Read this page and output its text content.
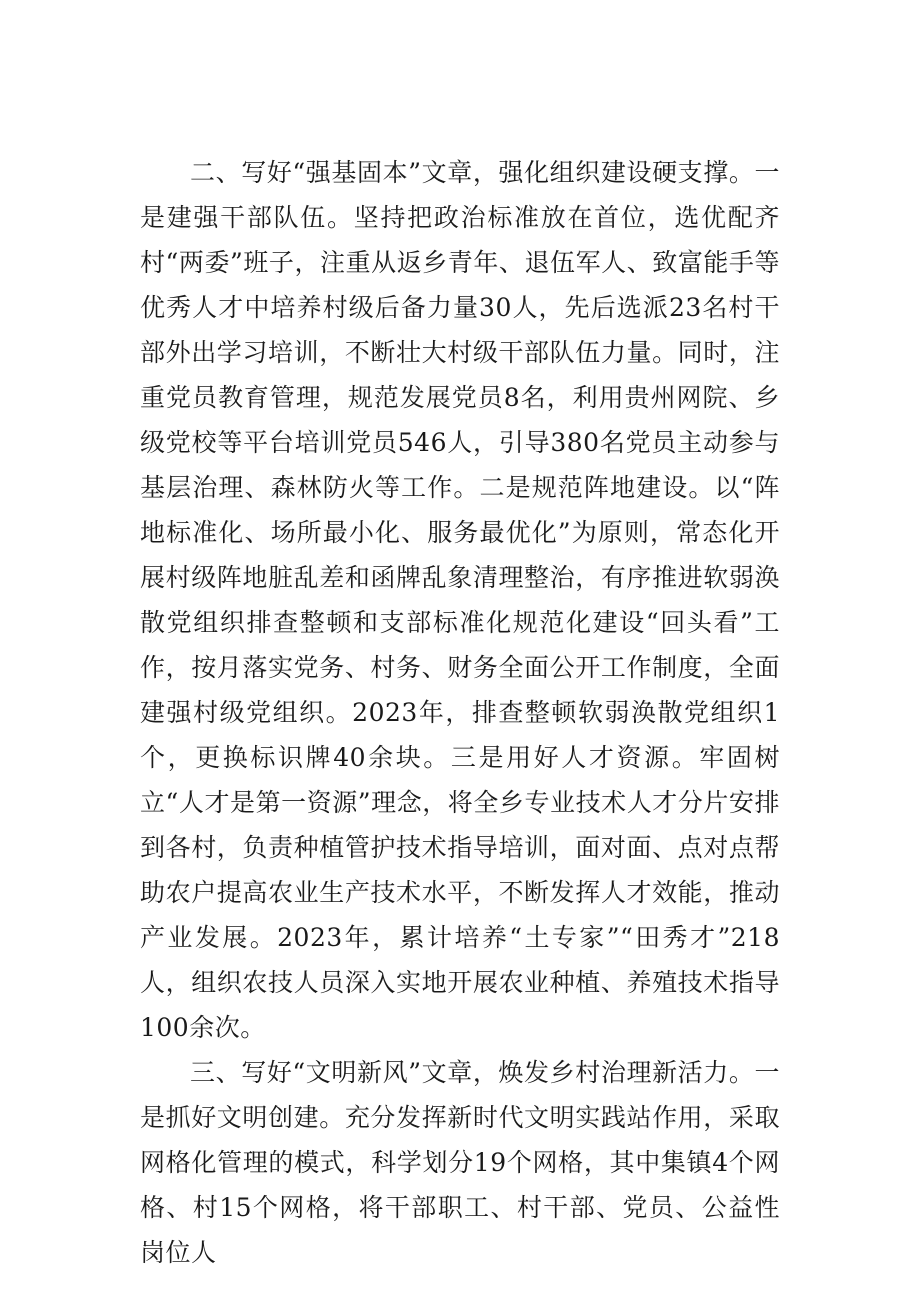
二、写好“强基固本”文章，强化组织建设硬支撑。一是建强干部队伍。坚持把政治标准放在首位，选优配齐村“两委”班子，注重从返乡青年、退伍军人、致富能手等优秀人才中培养村级后备力量30人，先后选派23名村干部外出学习培训，不断壮大村级干部队伍力量。同时，注重党员教育管理，规范发展党员8名，利用贵州网院、乡级党校等平台培训党员546人，引导380名党员主动参与基层治理、森林防火等工作。二是规范阵地建设。以“阵地标准化、场所最小化、服务最优化”为原则，常态化开展村级阵地脏乱差和函牌乱象清理整治，有序推进软弱涣散党组织排查整顿和支部标准化规范化建设“回头看”工作，按月落实党务、村务、财务全面公开工作制度，全面建强村级党组织。2023年，排查整顿软弱涣散党组织1个，更换标识牌40余块。三是用好人才资源。牢固树立“人才是第一资源”理念，将全乡专业技术人才分片安排到各村，负责种植管护技术指导培训，面对面、点对点帮助农户提高农业生产技术水平，不断发挥人才效能，推动产业发展。2023年，累计培养“土专家”“田秀才”218人，组织农技人员深入实地开展农业种植、养殖技术指导100余次。

三、写好“文明新风”文章，焕发乡村治理新活力。一是抓好文明创建。充分发挥新时代文明实践站作用，采取网格化管理的模式，科学划分19个网格，其中集镇4个网格、村15个网格，将干部职工、村干部、党员、公益性岗位人
